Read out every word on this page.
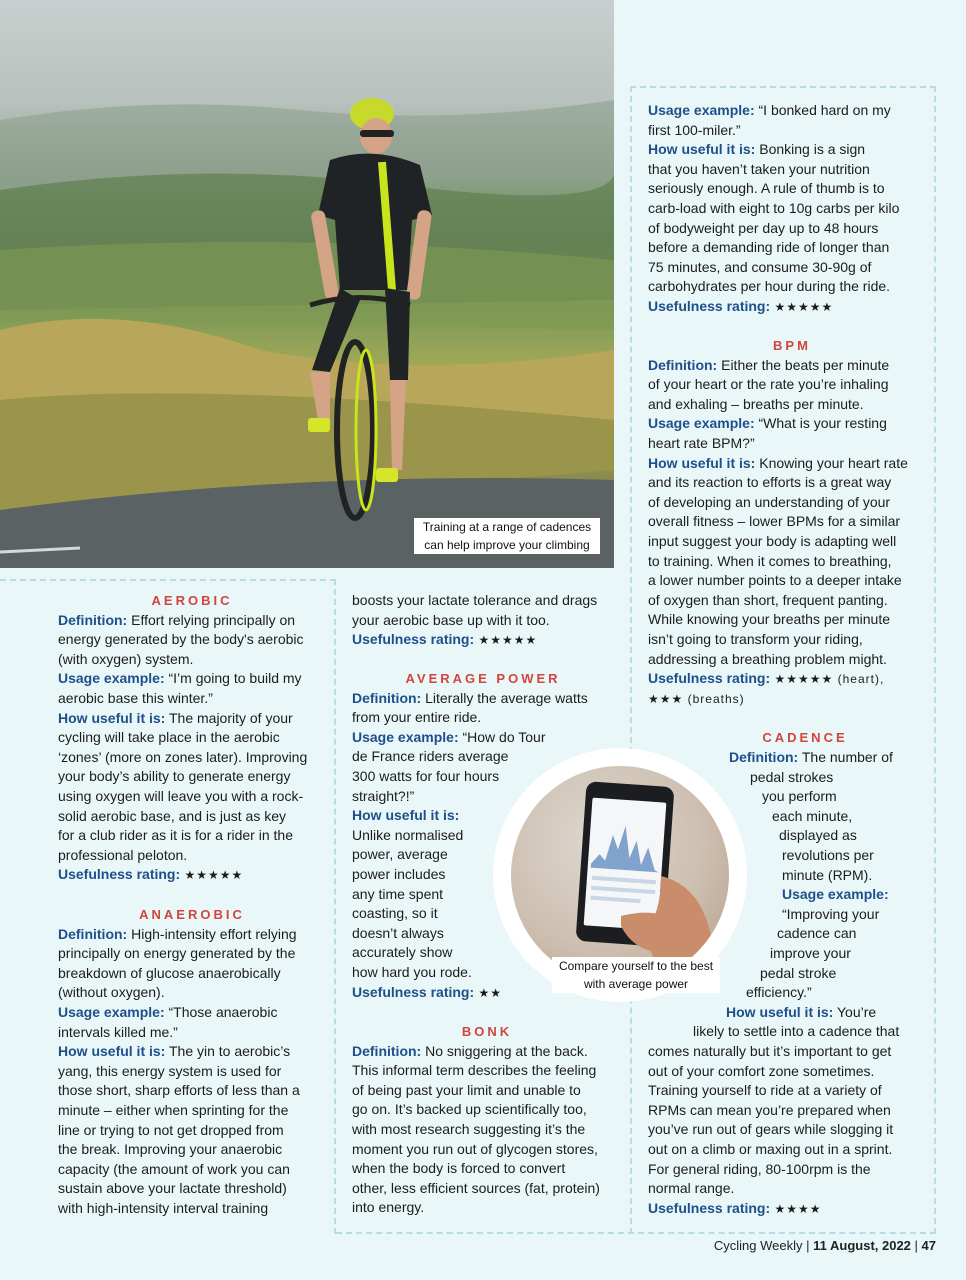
Training at a range of cadences
can help improve your climbing
AEROBIC

Definition: Effort relying principally on

energy generated by the body's aerobic

(with oxygen) system.

Usage example: “I’m going to build my

aerobic base this winter.”

How useful it is: The majority of your

cycling will take place in the aerobic

‘zones’ (more on zones later). Improving

your body’s ability to generate energy

using oxygen will leave you with a rock-

solid aerobic base, and is just as key

for a club rider as it is for a rider in the

professional peloton.

Usefulness rating: ★★★★★

ANAEROBIC

Definition: High-intensity effort relying

principally on energy generated by the

breakdown of glucose anaerobically

(without oxygen).

Usage example: “Those anaerobic

intervals killed me.”

How useful it is: The yin to aerobic’s

yang, this energy system is used for

those short, sharp efforts of less than a

minute – either when sprinting for the

line or trying to not get dropped from

the break. Improving your anaerobic

capacity (the amount of work you can

sustain above your lactate threshold)

with high-intensity interval training

boosts your lactate tolerance and drags

your aerobic base up with it too.

Usefulness rating: ★★★★★

AVERAGE POWER

Definition: Literally the average watts

from your entire ride.

Usage example: “How do Tour

de France riders average

300 watts for four hours

straight?!”

How useful it is:

Unlike normalised

power, average

power includes

any time spent

coasting, so it

doesn’t always

accurately show

how hard you rode.

Usefulness rating: ★★

Compare yourself to the best
with average power
BONK

Definition: No sniggering at the back.

This informal term describes the feeling

of being past your limit and unable to

go on. It’s backed up scientifically too,

with most research suggesting it’s the

moment you run out of glycogen stores,

when the body is forced to convert

other, less efficient sources (fat, protein)

into energy.

Usage example: “I bonked hard on my

first 100-miler.”

How useful it is: Bonking is a sign

that you haven’t taken your nutrition

seriously enough. A rule of thumb is to

carb-load with eight to 10g carbs per kilo

of bodyweight per day up to 48 hours

before a demanding ride of longer than

75 minutes, and consume 30-90g of

carbohydrates per hour during the ride.

Usefulness rating: ★★★★★

BPM

Definition: Either the beats per minute

of your heart or the rate you’re inhaling

and exhaling – breaths per minute.

Usage example: “What is your resting

heart rate BPM?”

How useful it is: Knowing your heart rate

and its reaction to efforts is a great way

of developing an understanding of your

overall fitness – lower BPMs for a similar

input suggest your body is adapting well

to training. When it comes to breathing,

a lower number points to a deeper intake

of oxygen than short, frequent panting.

While knowing your breaths per minute

isn’t going to transform your riding,

addressing a breathing problem might.

Usefulness rating: ★★★★★ (heart),

★★★ (breaths)

CADENCE

Definition: The number of

pedal strokes

you perform

each minute,

displayed as

revolutions per

minute (RPM).

Usage example:

“Improving your

cadence can

improve your

pedal stroke

efficiency.”

How useful it is: You’re

likely to settle into a cadence that

comes naturally but it’s important to get

out of your comfort zone sometimes.

Training yourself to ride at a variety of

RPMs can mean you’re prepared when

you’ve run out of gears while slogging it

out on a climb or maxing out in a sprint.

For general riding, 80-100rpm is the

normal range.

Usefulness rating: ★★★★

Cycling Weekly | 11 August, 2022 | 47
